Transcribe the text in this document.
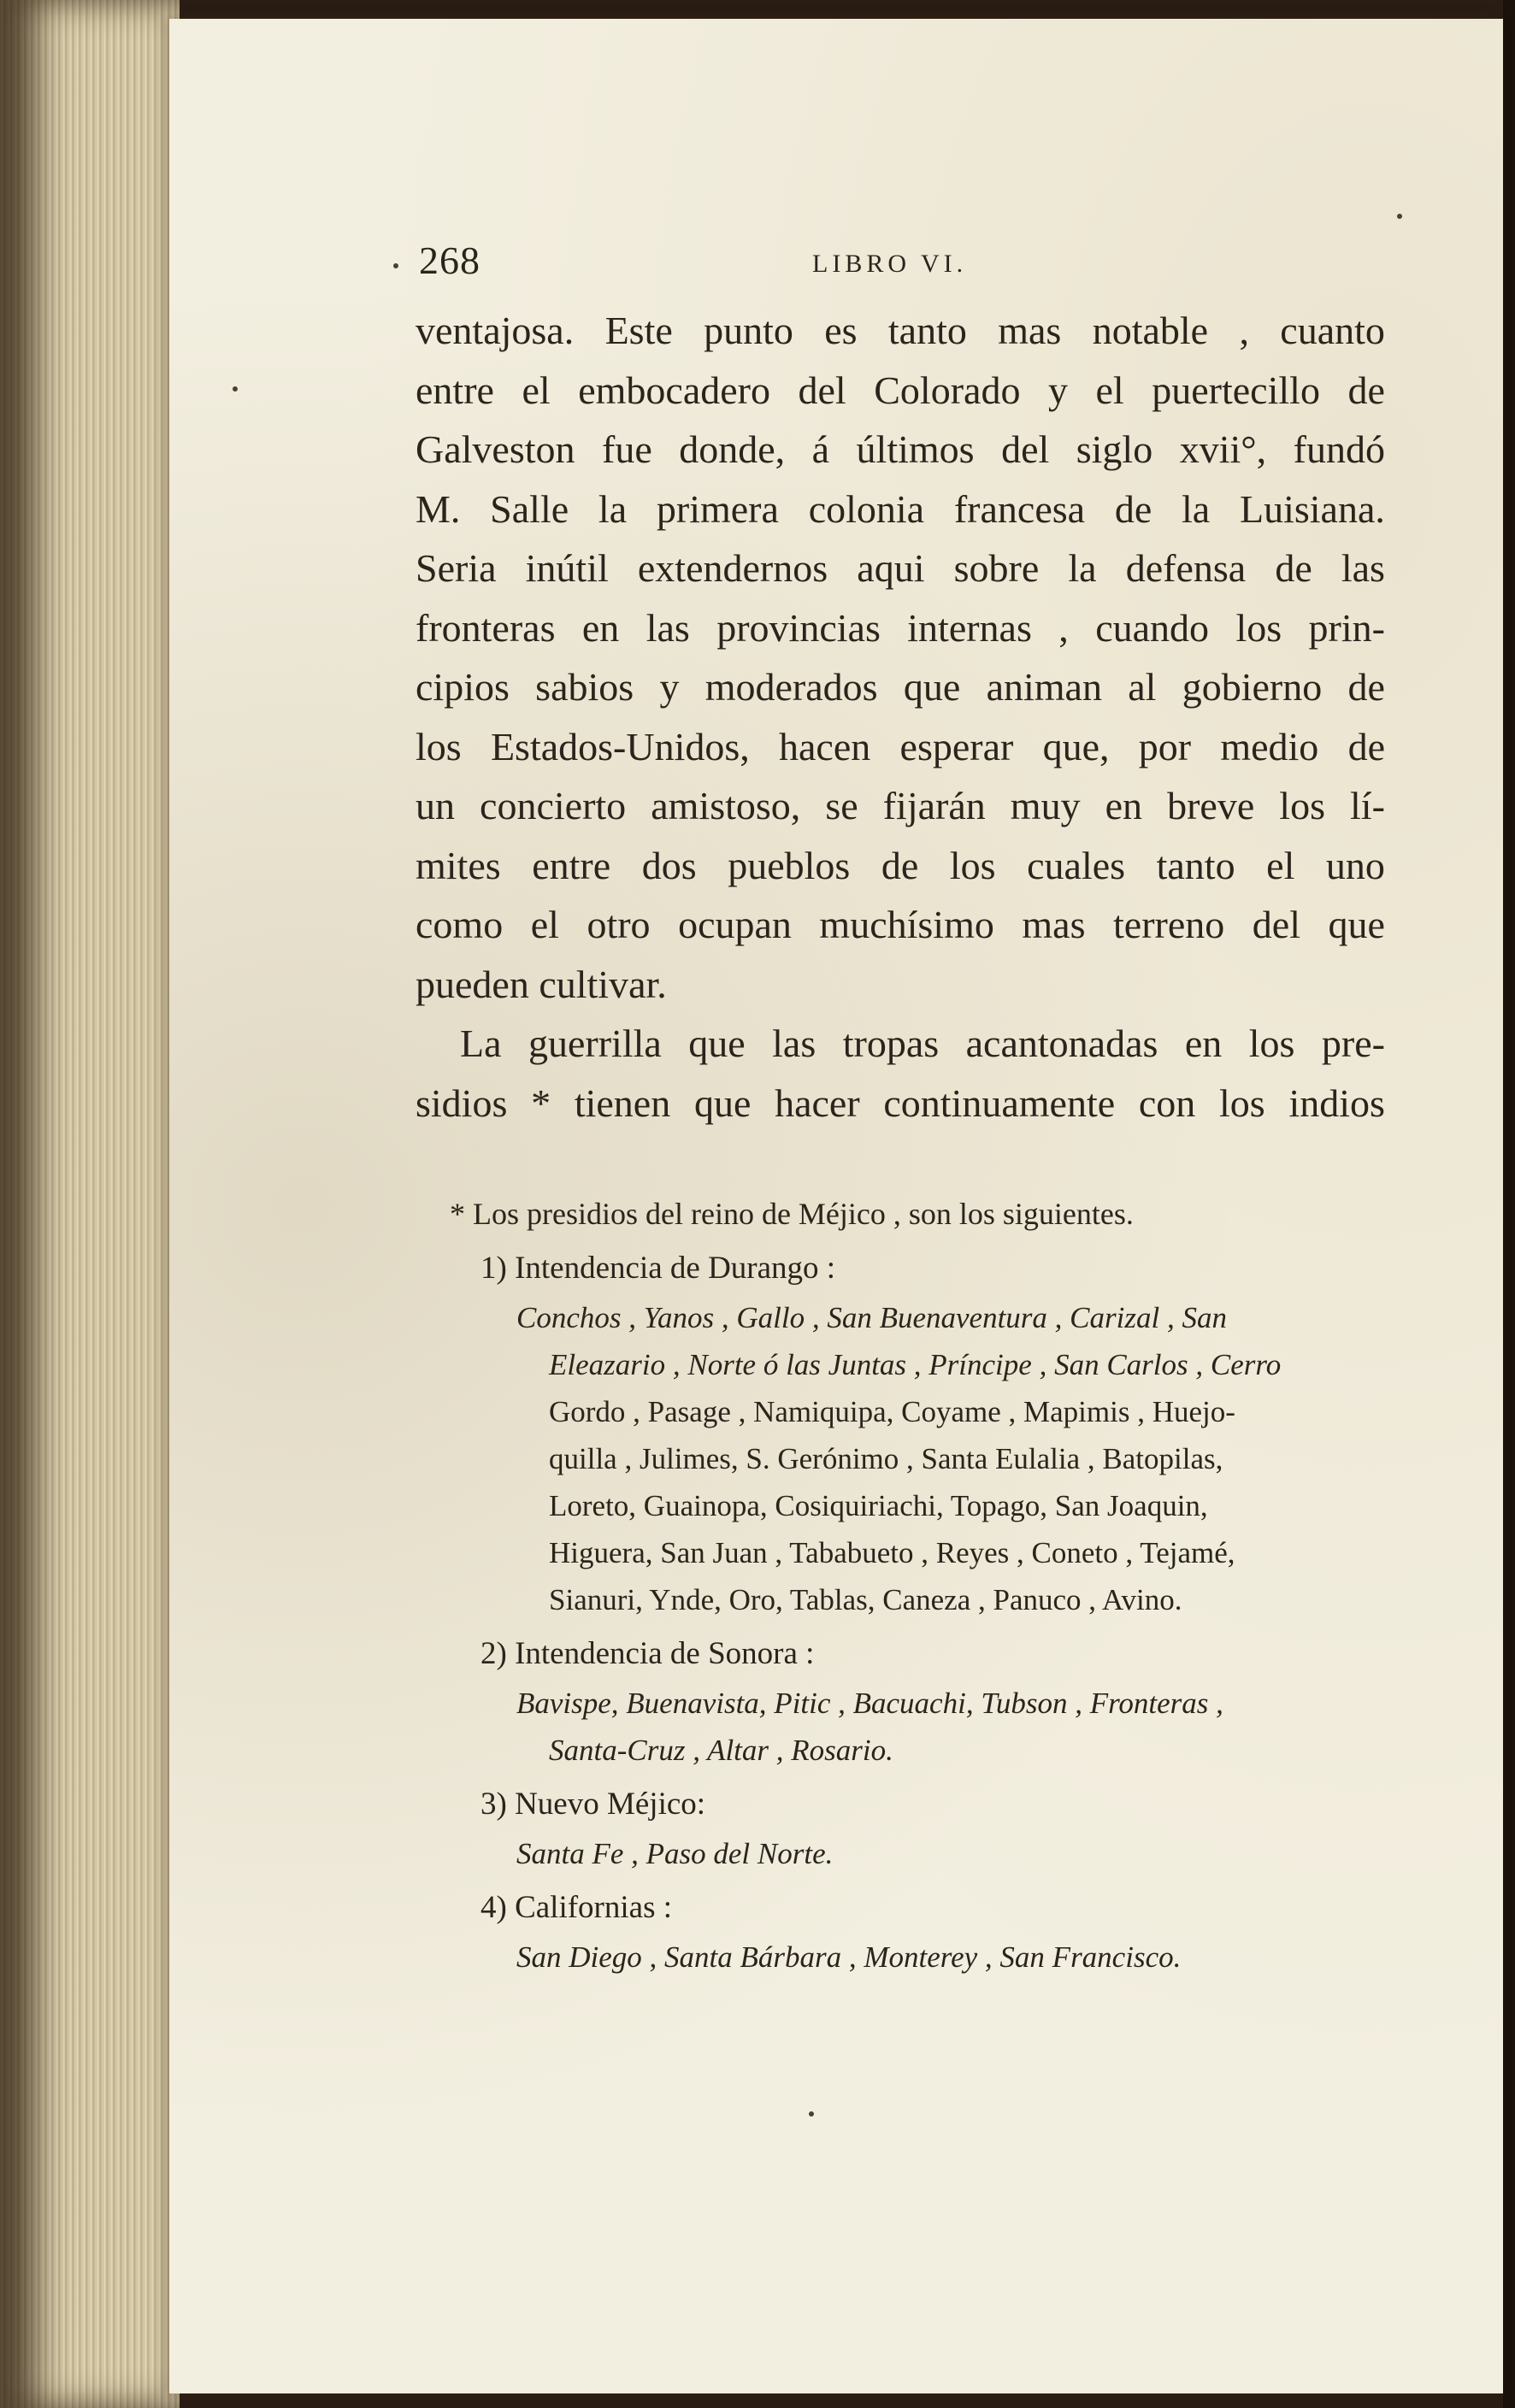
268	LIBRO VI.
ventajosa. Este punto es tanto mas notable , cuanto
entre el embocadero del Colorado y el puertecillo de
Galveston fue donde, á últimos del siglo xvii°, fundó
M. Salle la primera colonia francesa de la Luisiana.
Seria inútil extendernos aqui sobre la defensa de las
fronteras en las provincias internas , cuando los prin-
cipios sabios y moderados que animan al gobierno de
los Estados-Unidos, hacen esperar que, por medio de
un concierto amistoso, se fijarán muy en breve los lí-
mites entre dos pueblos de los cuales tanto el uno
como el otro ocupan muchísimo mas terreno del que
pueden cultivar.
La guerrilla que las tropas acantonadas en los pre-
sidios * tienen que hacer continuamente con los indios
* Los presidios del reino de Méjico , son los siguientes.
1) Intendencia de Durango :

Conchos , Yanos , Gallo , San Buenaventura , Carizal , San

Eleazario , Norte ó las Juntas , Príncipe , San Carlos , Cerro

Gordo , Pasage , Namiquipa, Coyame , Mapimis , Huejo-

quilla , Julimes, S. Gerónimo , Santa Eulalia , Batopilas,

Loreto, Guainopa, Cosiquiriachi, Topago, San Joaquin,

Higuera, San Juan , Tababueto , Reyes , Coneto , Tejamé,

Sianuri, Ynde, Oro, Tablas, Caneza , Panuco , Avino.

2) Intendencia de Sonora :

Bavispe, Buenavista, Pitic , Bacuachi, Tubson , Fronteras ,

Santa-Cruz , Altar , Rosario.

3) Nuevo Méjico:

Santa Fe , Paso del Norte.

4) Californias :

San Diego , Santa Bárbara , Monterey , San Francisco.
